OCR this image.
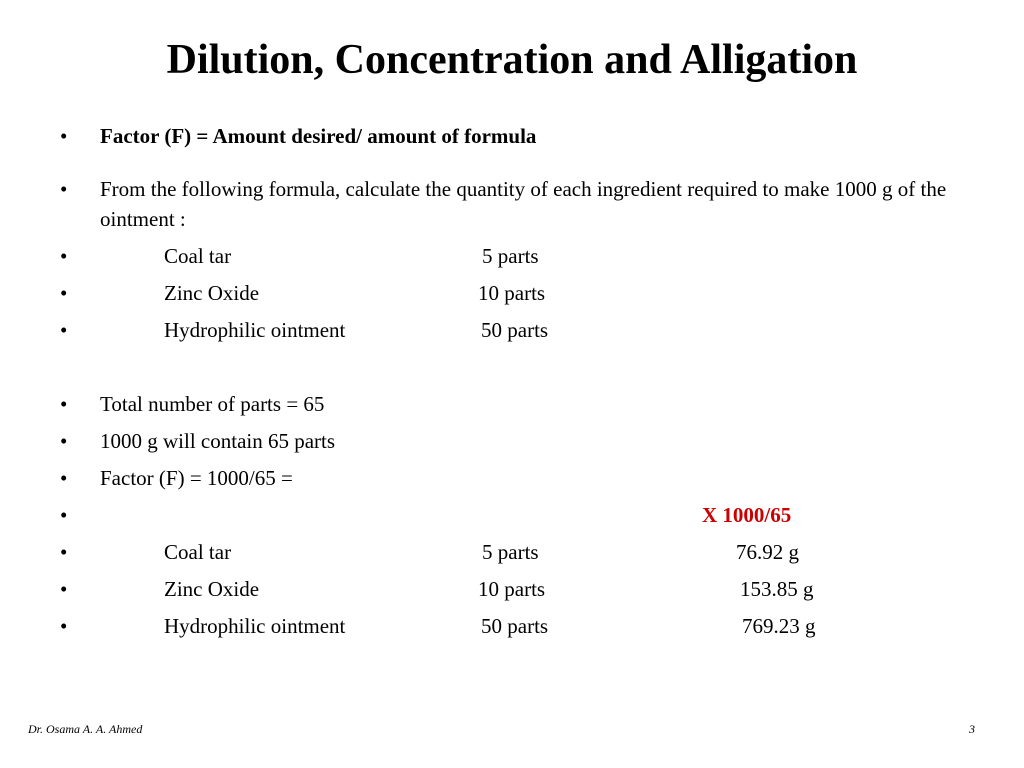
Dilution, Concentration and Alligation
• Factor (F) = Amount desired/ amount of formula
• From the following formula, calculate the quantity of each ingredient required to make 1000 g of the ointment :
•	Coal tar	5 parts
•	Zinc Oxide	10 parts
•	Hydrophilic ointment	50 parts
• Total number of parts = 65
• 1000 g will contain 65 parts
• Factor (F) = 1000/65 =
•	X 1000/65
•	Coal tar	5 parts	76.92 g
•	Zinc Oxide	10 parts	153.85 g
•	Hydrophilic ointment	50 parts	769.23 g
Dr. Osama A. A. Ahmed	3
